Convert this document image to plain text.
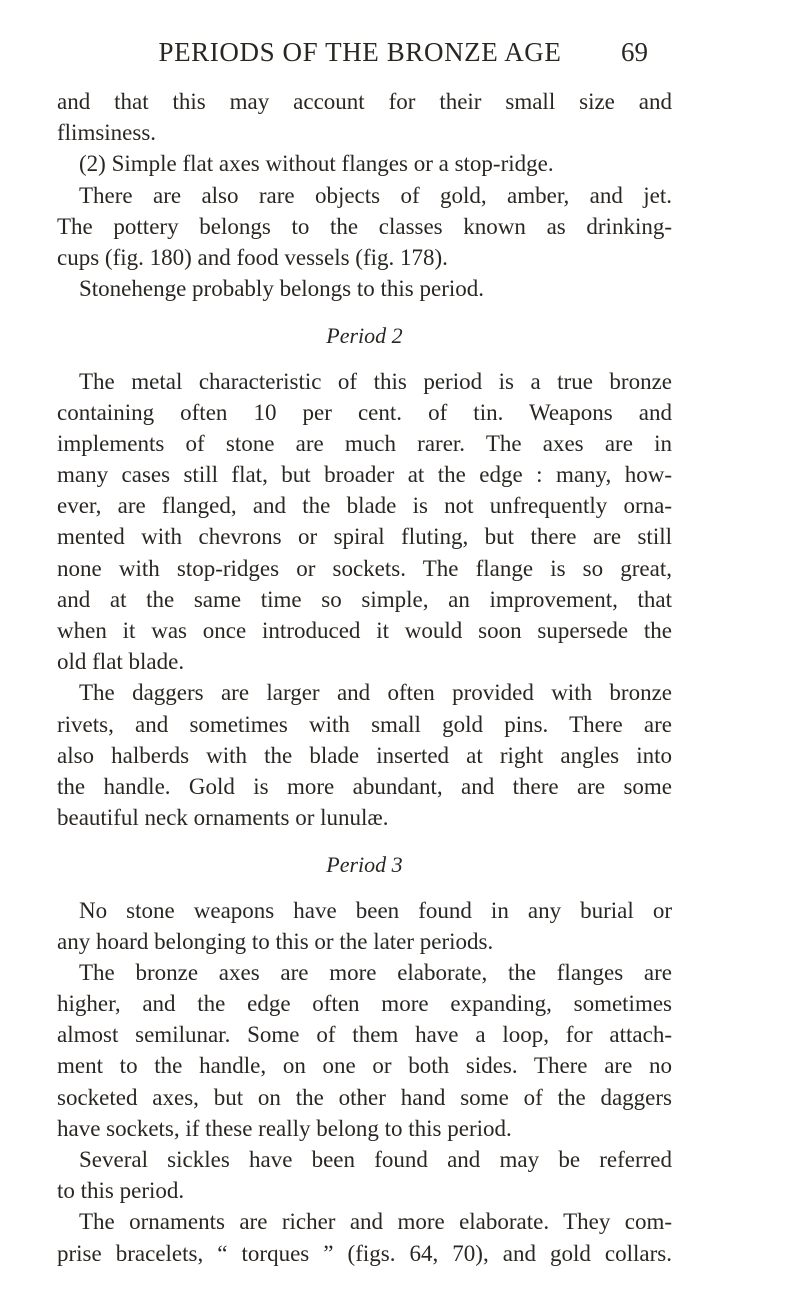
PERIODS OF THE BRONZE AGE	69
and that this may account for their small size and
flimsiness.
(2) Simple flat axes without flanges or a stop-ridge.
There are also rare objects of gold, amber, and jet.
The pottery belongs to the classes known as drinking-
cups (fig. 180) and food vessels (fig. 178).
Stonehenge probably belongs to this period.
Period 2
The metal characteristic of this period is a true bronze
containing often 10 per cent. of tin. Weapons and
implements of stone are much rarer. The axes are in
many cases still flat, but broader at the edge : many, how-
ever, are flanged, and the blade is not unfrequently orna-
mented with chevrons or spiral fluting, but there are still
none with stop-ridges or sockets. The flange is so great,
and at the same time so simple, an improvement, that
when it was once introduced it would soon supersede the
old flat blade.
The daggers are larger and often provided with bronze
rivets, and sometimes with small gold pins. There are
also halberds with the blade inserted at right angles into
the handle. Gold is more abundant, and there are some
beautiful neck ornaments or lunulæ.
Period 3
No stone weapons have been found in any burial or
any hoard belonging to this or the later periods.
The bronze axes are more elaborate, the flanges are
higher, and the edge often more expanding, sometimes
almost semilunar. Some of them have a loop, for attach-
ment to the handle, on one or both sides. There are no
socketed axes, but on the other hand some of the daggers
have sockets, if these really belong to this period.
Several sickles have been found and may be referred
to this period.
The ornaments are richer and more elaborate. They com-
prise bracelets, “ torques ” (figs. 64, 70), and gold collars.
